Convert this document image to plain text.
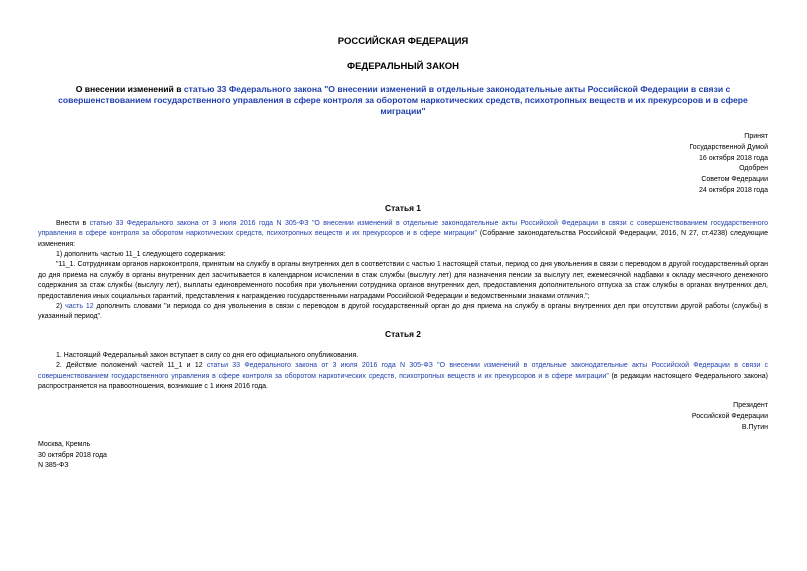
РОССИЙСКАЯ ФЕДЕРАЦИЯ
ФЕДЕРАЛЬНЫЙ ЗАКОН
О внесении изменений в статью 33 Федерального закона "О внесении изменений в отдельные законодательные акты Российской Федерации в связи с совершенствованием государственного управления в сфере контроля за оборотом наркотических средств, психотропных веществ и их прекурсоров и в сфере миграции"
Принят
Государственной Думой
16 октября 2018 года
Одобрен
Советом Федерации
24 октября 2018 года
Статья 1

Внести в статью 33 Федерального закона от 3 июля 2016 года N 305-ФЗ "О внесении изменений в отдельные законодательные акты Российской Федерации в связи с совершенствованием государственного управления в сфере контроля за оборотом наркотических средств, психотропных веществ и их прекурсоров и в сфере миграции" (Собрание законодательства Российской Федерации, 2016, N 27, ст.4238) следующие изменения:

1) дополнить частью 11_1 следующего содержания:

"11_1. Сотрудникам органов наркоконтроля, принятым на службу в органы внутренних дел в соответствии с частью 1 настоящей статьи, период со дня увольнения в связи с переводом в другой государственный орган до дня приема на службу в органы внутренних дел засчитывается в календарном исчислении в стаж службы (выслугу лет) для назначения пенсии за выслугу лет, ежемесячной надбавки к окладу месячного денежного содержания за стаж службы (выслугу лет), выплаты единовременного пособия при увольнении сотрудника органов внутренних дел, предоставления дополнительного отпуска за стаж службы в органах внутренних дел, предоставления иных социальных гарантий, представления к награждению государственными наградами Российской Федерации и ведомственными знаками отличия.";

2) часть 12 дополнить словами "и периода со дня увольнения в связи с переводом в другой государственный орган до дня приема на службу в органы внутренних дел при отсутствии другой работы (службы) в указанный период".

Статья 2

1. Настоящий Федеральный закон вступает в силу со дня его официального опубликования.

2. Действие положений частей 11_1 и 12 статьи 33 Федерального закона от 3 июля 2016 года N 305-ФЗ "О внесении изменений в отдельные законодательные акты Российской Федерации в связи с совершенствованием государственного управления в сфере контроля за оборотом наркотических средств, психотропных веществ и их прекурсоров и в сфере миграции" (в редакции настоящего Федерального закона) распространяется на правоотношения, возникшие с 1 июня 2016 года.

Президент
Российской Федерации
В.Путин
Москва, Кремль
30 октября 2018 года
N 385-ФЗ
